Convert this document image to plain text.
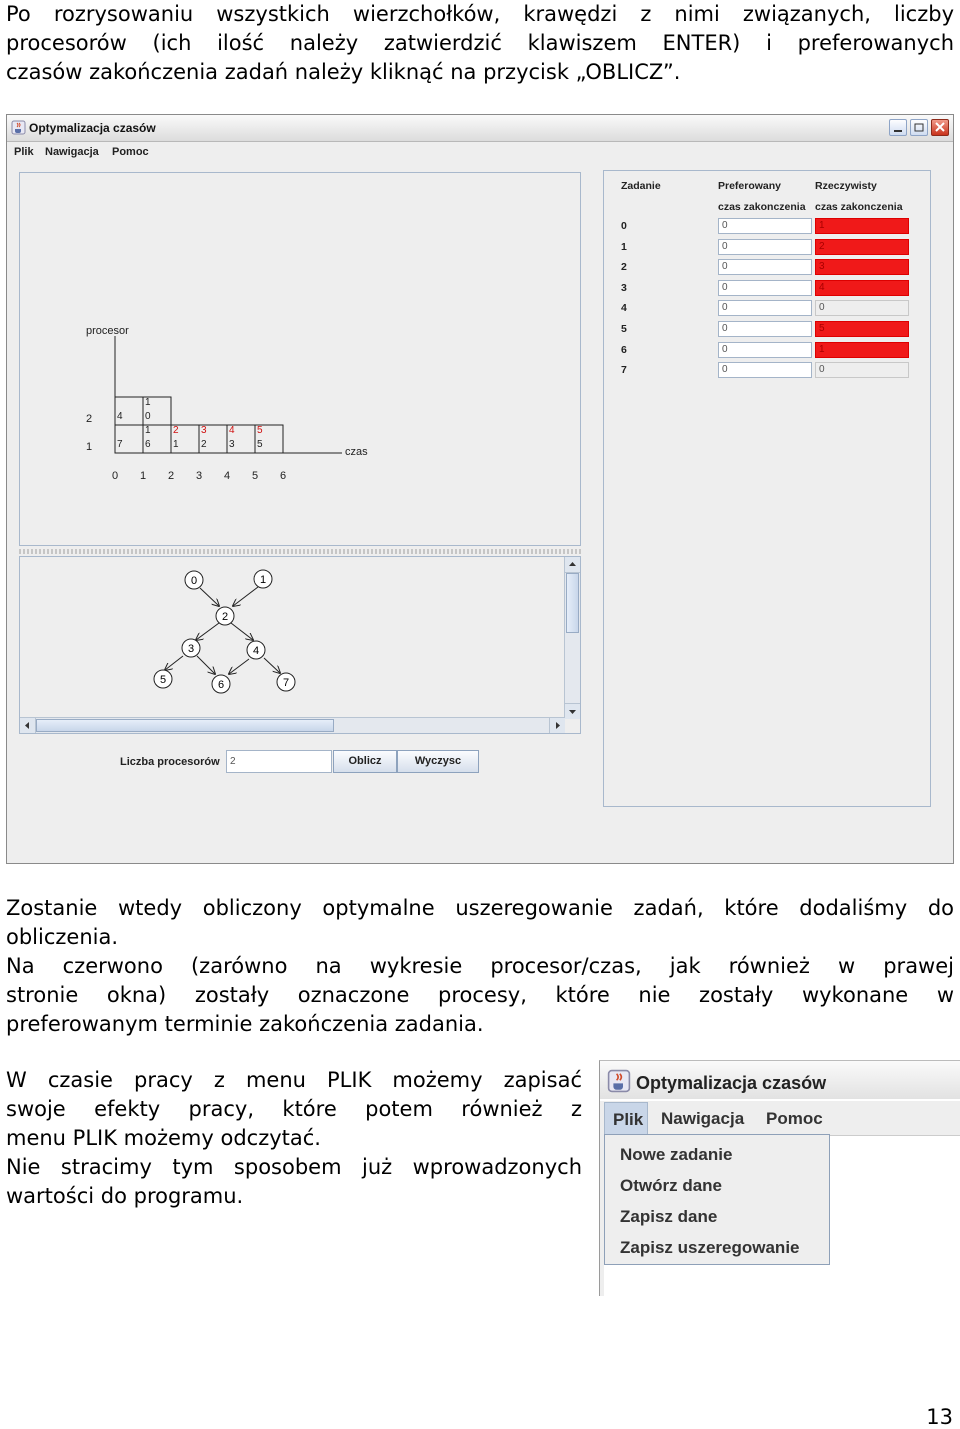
Po rozrysowaniu wszystkich wierzchołków, krawędzi z nimi związanych, liczby
procesorów (ich ilość należy zatwierdzić klawiszem ENTER) i preferowanych
czasów zakończenia zadań należy kliknąć na przycisk „OBLICZ”.
Optymalizacja czasów
Plik Nawigacja Pomoc
procesor
czas
2
1
1
4 0
1 2 3 4 5
7 6 1 2 3 5
0 1 2 3 4 5 6
0	1
2
3	4
5	6	7
Liczba procesorów	2	Oblicz	Wyczysc
Zadanie	Preferowany
czas zakonczenia
Rzeczywisty
czas zakonczenia
0	0	1
1	0	2
2	0	3
3	0	4
4	0	0
5	0	5
6	0	1
7	0	0
Zostanie wtedy obliczony optymalne uszeregowanie zadań, które dodaliśmy do
obliczenia.
Na czerwono (zarówno na wykresie procesor/czas, jak również w prawej
stronie okna) zostały oznaczone procesy, które nie zostały wykonane w
preferowanym terminie zakończenia zadania.
W czasie pracy z menu PLIK możemy zapisać
swoje efekty pracy, które potem również z
menu PLIK możemy odczytać.
Nie stracimy tym sposobem już wprowadzonych
wartości do programu.
Optymalizacja czasów
Nawigacja Pomoc
Plik
Nowe zadanie
Otwórz dane
Zapisz dane
Zapisz uszeregowanie
13
